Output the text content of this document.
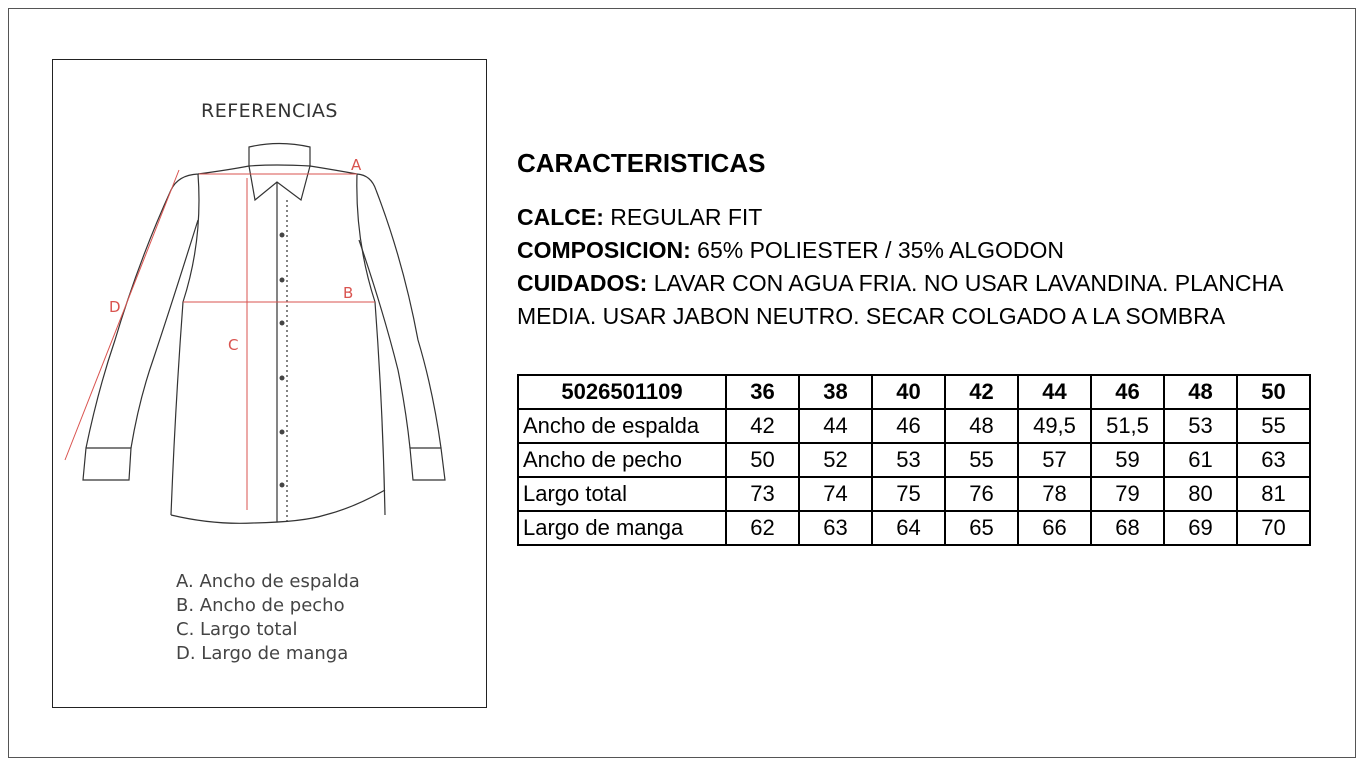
REFERENCIAS
A
B
C
D
A. Ancho de espalda
B. Ancho de pecho
C. Largo total
D. Largo de manga
CARACTERISTICAS
CALCE: REGULAR FIT
COMPOSICION: 65% POLIESTER / 35% ALGODON
CUIDADOS: LAVAR CON AGUA FRIA. NO USAR LAVANDINA. PLANCHA MEDIA. USAR JABON NEUTRO. SECAR COLGADO A LA SOMBRA
5026501109	36	38	40	42	44	46	48	50
Ancho de espalda	42	44	46	48	49,5	51,5	53	55
Ancho de pecho	50	52	53	55	57	59	61	63
Largo total	73	74	75	76	78	79	80	81
Largo de manga	62	63	64	65	66	68	69	70
